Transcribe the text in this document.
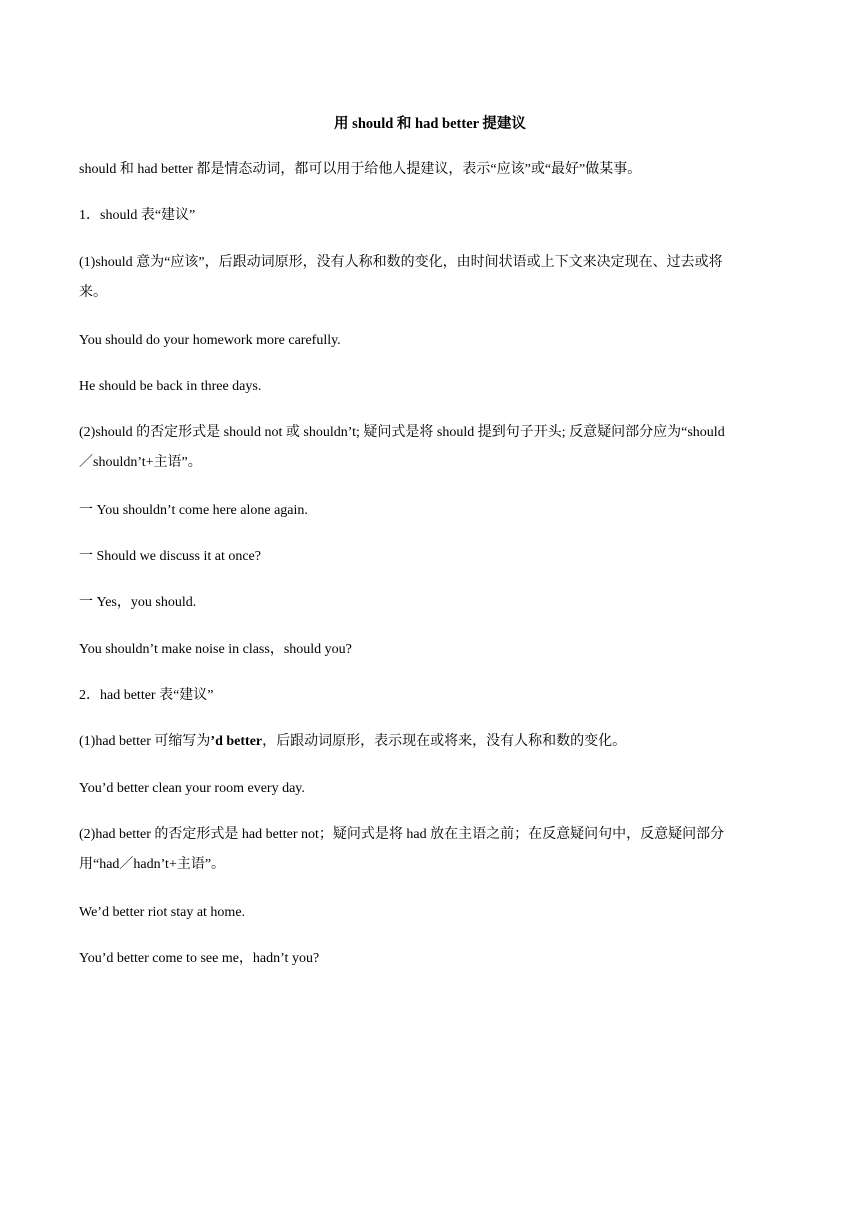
用 should 和 had better 提建议
should 和 had better 都是情态动词，都可以用于给他人提建议，表示“应该”或“最好”做某事。
1．should 表“建议”
(1)should 意为“应该”，后跟动词原形，没有人称和数的变化，由时间状语或上下文来决定现在、过去或将
来。
You should do your homework more carefully.
He should be back in three days.
(2)should 的否定形式是 should not 或 shouldn’t; 疑问式是将 should 提到句子开头; 反意疑问部分应为“should
／shouldn’t+主语”。
一 You shouldn’t come here alone again.
一 Should we discuss it at once?
一 Yes，you should.
You shouldn’t make noise in class，should you?
2．had better 表“建议”
(1)had better 可缩写为’d better，后跟动词原形，表示现在或将来，没有人称和数的变化。
You’d better clean your room every day.
(2)had better 的否定形式是 had better not；疑问式是将 had 放在主语之前；在反意疑问句中，反意疑问部分
用“had／hadn’t+主语”。
We’d better riot stay at home.
You’d better come to see me，hadn’t you?
